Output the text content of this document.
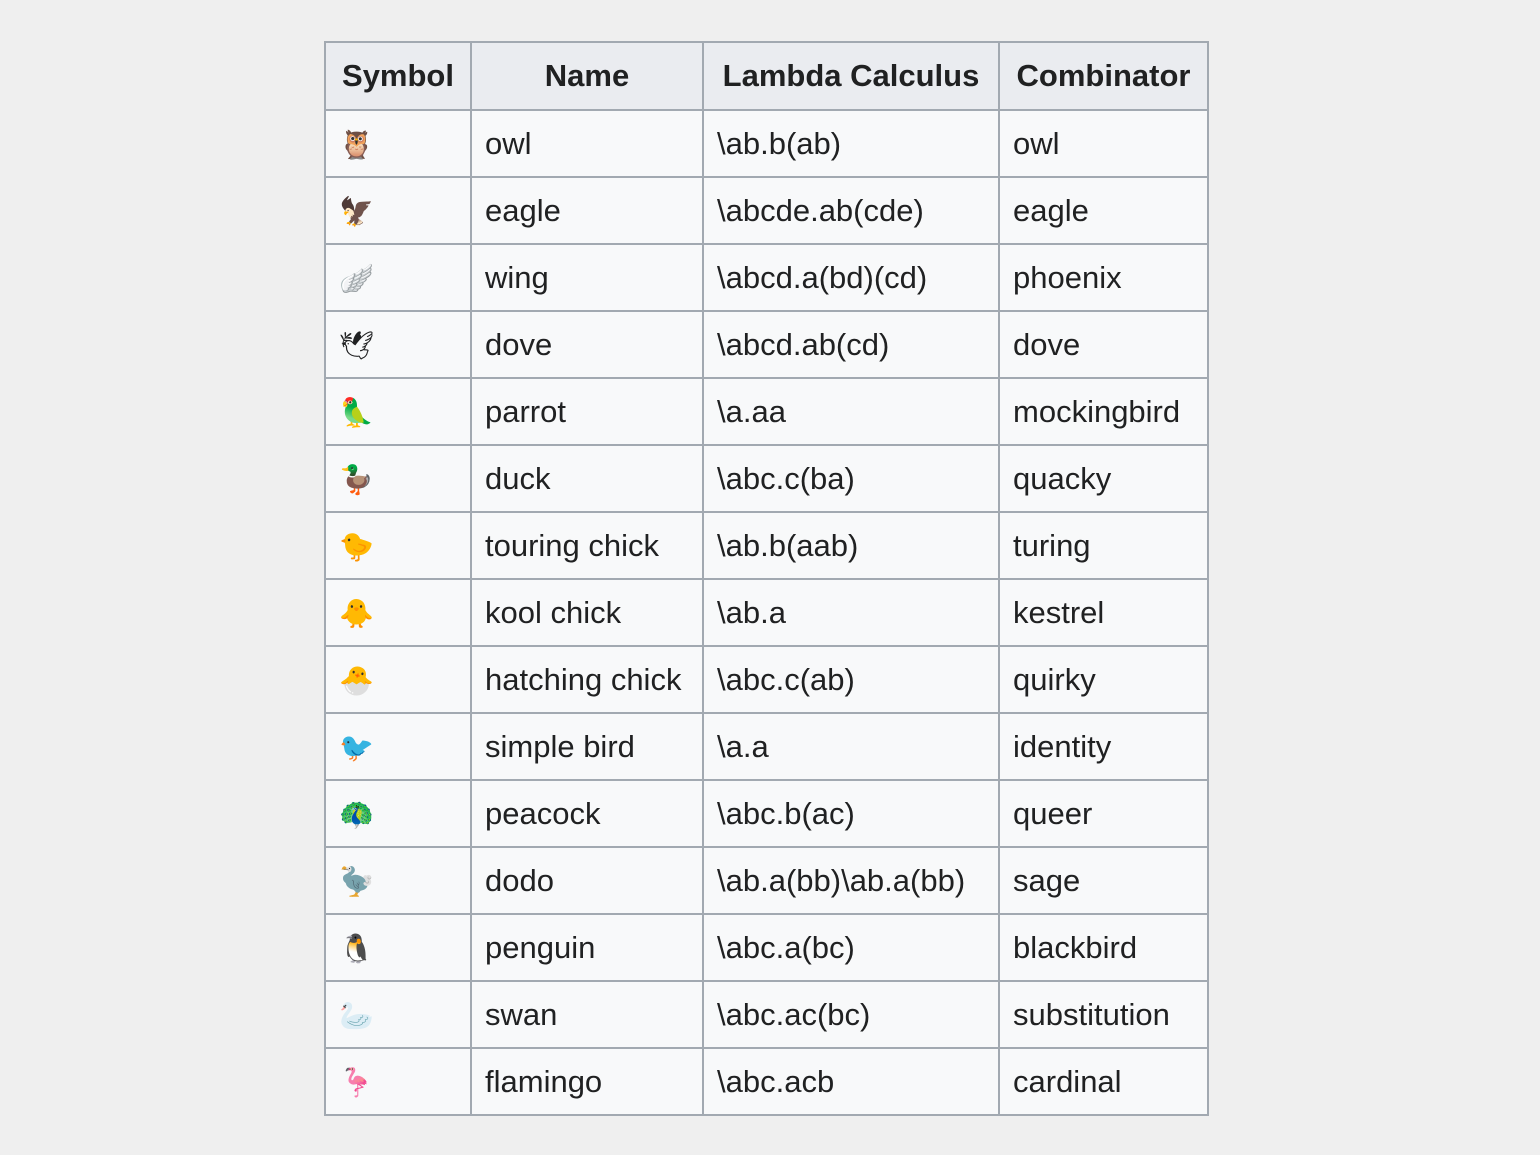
Symbol	Name	Lambda Calculus	Combinator
🦉	owl	\ab.b(ab)	owl
🦅	eagle	\abcde.ab(cde)	eagle
🪽	wing	\abcd.a(bd)(cd)	phoenix
🕊	dove	\abcd.ab(cd)	dove
🦜	parrot	\a.aa	mockingbird
🦆	duck	\abc.c(ba)	quacky
🐤	touring chick	\ab.b(aab)	turing
🐥	kool chick	\ab.a	kestrel
🐣	hatching chick	\abc.c(ab)	quirky
🐦	simple bird	\a.a	identity
🦚	peacock	\abc.b(ac)	queer
🦤	dodo	\ab.a(bb)\ab.a(bb)	sage
🐧	penguin	\abc.a(bc)	blackbird
🦢	swan	\abc.ac(bc)	substitution
🦩	flamingo	\abc.acb	cardinal
